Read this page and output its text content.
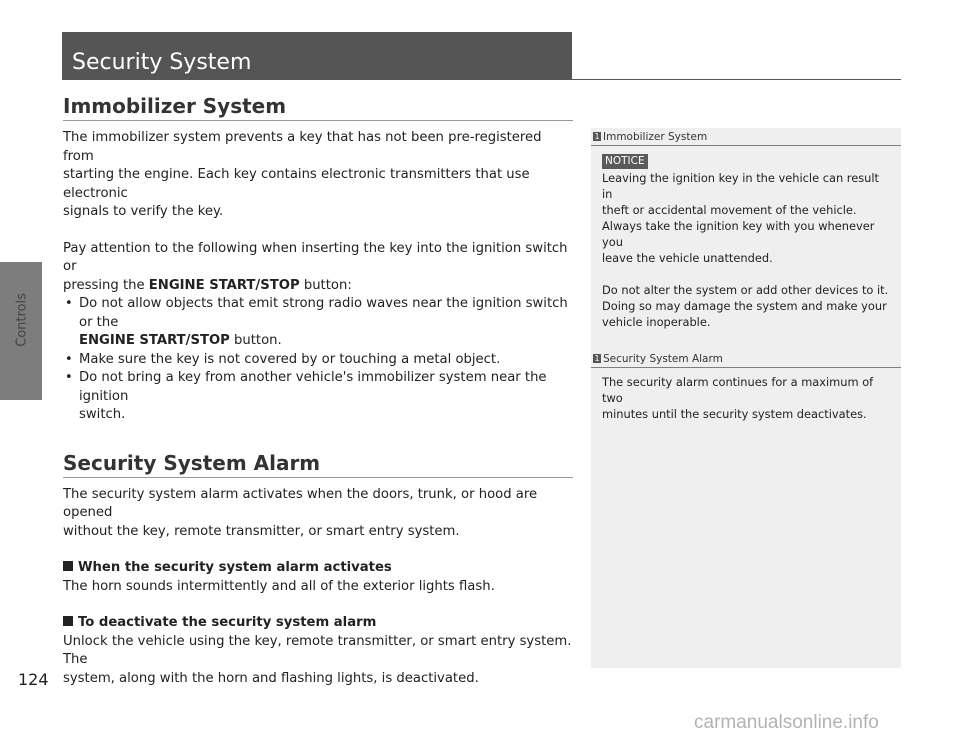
Controls
124
Security System
Immobilizer System

The immobilizer system prevents a key that has not been pre-registered from

starting the engine. Each key contains electronic transmitters that use electronic

signals to verify the key.

Pay attention to the following when inserting the key into the ignition switch or

pressing the ENGINE START/STOP button:

• Do not allow objects that emit strong radio waves near the ignition switch or the
ENGINE START/STOP button.
• Make sure the key is not covered by or touching a metal object.
• Do not bring a key from another vehicle's immobilizer system near the ignition
switch.
Security System Alarm

The security system alarm activates when the doors, trunk, or hood are opened

without the key, remote transmitter, or smart entry system.

When the security system alarm activates

The horn sounds intermittently and all of the exterior lights flash.

To deactivate the security system alarm

Unlock the vehicle using the key, remote transmitter, or smart entry system. The

system, along with the horn and flashing lights, is deactivated.

1 Immobilizer System
NOTICE
Leaving the ignition key in the vehicle can result in
theft or accidental movement of the vehicle.
Always take the ignition key with you whenever you
leave the vehicle unattended.
Do not alter the system or add other devices to it.
Doing so may damage the system and make your
vehicle inoperable.
1 Security System Alarm
The security alarm continues for a maximum of two
minutes until the security system deactivates.
carmanualsonline.info
